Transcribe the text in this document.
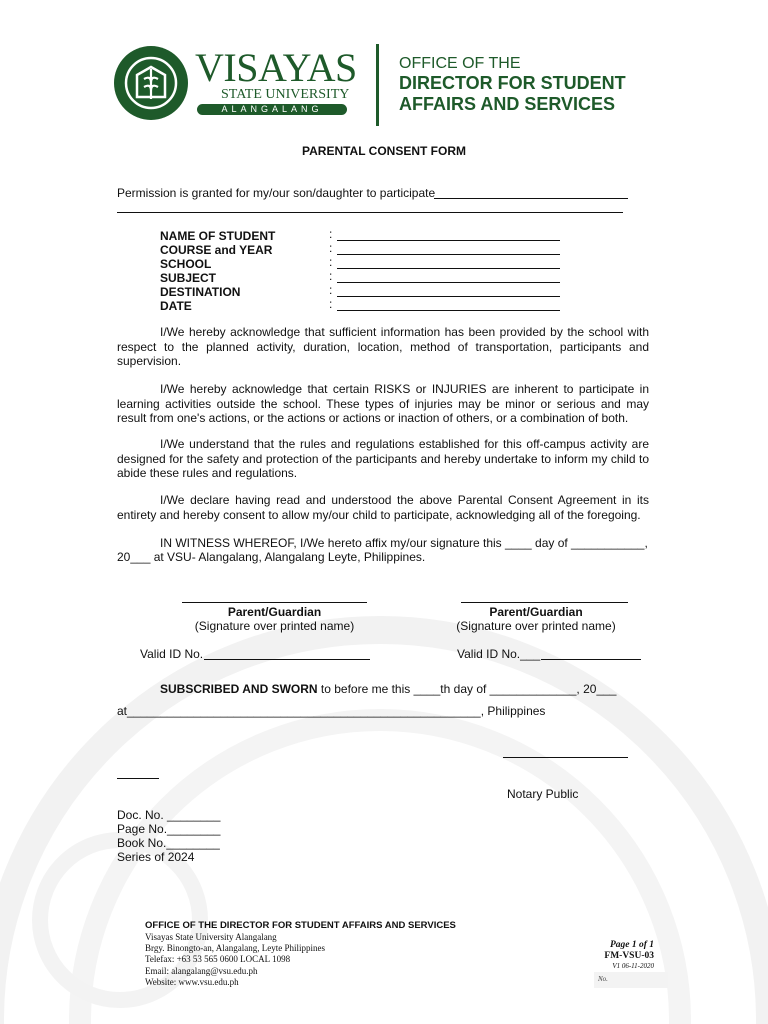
VISAYAS
STATE UNIVERSITY
ALANGALANG
OFFICE OF THE
DIRECTOR FOR STUDENT
AFFAIRS AND SERVICES
PARENTAL CONSENT FORM
Permission is granted for my/our son/daughter to participate
NAME OF STUDENT	:
COURSE and YEAR	:
SCHOOL	:
SUBJECT	:
DESTINATION	:
DATE	:
I/We hereby acknowledge that sufficient information has been provided by the school with respect to the planned activity, duration, location, method of transportation, participants and supervision.
I/We hereby acknowledge that certain RISKS or INJURIES are inherent to participate in learning activities outside the school. These types of injuries may be minor or serious and may result from one's actions, or the actions or actions or inaction of others, or a combination of both.
I/We understand that the rules and regulations established for this off-campus activity are designed for the safety and protection of the participants and hereby undertake to inform my child to abide these rules and regulations.
I/We declare having read and understood the above Parental Consent Agreement in its entirety and hereby consent to allow my/our child to participate, acknowledging all of the foregoing.
IN WITNESS WHEREOF, I/We hereto affix my/our signature this ____ day of ___________,
20___ at VSU- Alangalang, Alangalang Leyte, Philippines.
Parent/Guardian
(Signature over printed name)
Parent/Guardian
(Signature over printed name)
Valid ID No.	Valid ID No.___
SUBSCRIBED AND SWORN to before me this ____th day of _____________, 20___
at_____________________________________________________, Philippines
Notary Public
Doc. No. ________
Page No.________
Book No.________
Series of 2024
OFFICE OF THE DIRECTOR FOR STUDENT AFFAIRS AND SERVICES
Visayas State University Alangalang
Brgy. Binongto-an, Alangalang, Leyte Philippines
Telefax: +63 53 565 0600 LOCAL 1098
Email: alangalang@vsu.edu.ph
Website: www.vsu.edu.ph
Page 1 of 1
FM-VSU-03
V1 06-11-2020
No.
